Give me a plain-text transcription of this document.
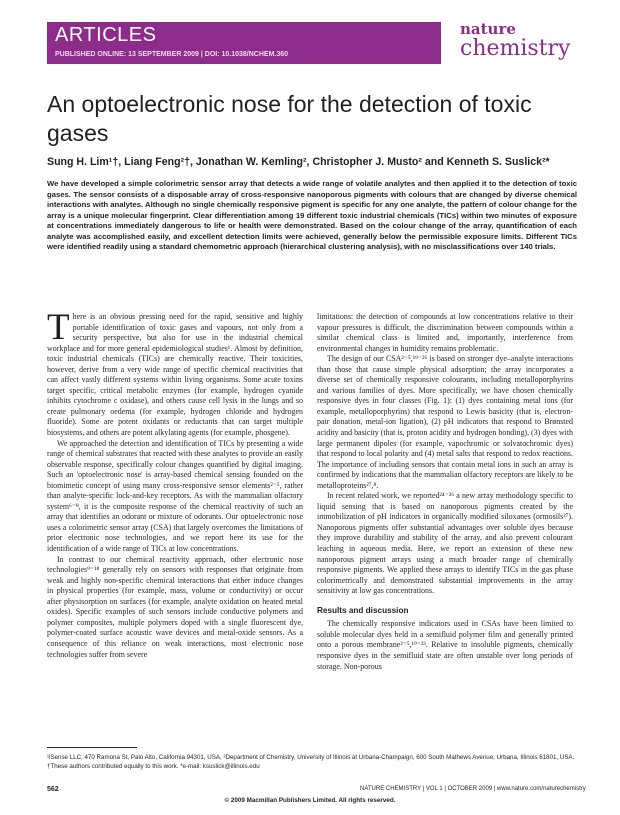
ARTICLES
PUBLISHED ONLINE: 13 SEPTEMBER 2009 | DOI: 10.1038/NCHEM.360
nature
chemistry
An optoelectronic nose for the detection of toxic gases
Sung H. Lim¹†, Liang Feng²†, Jonathan W. Kemling², Christopher J. Musto² and Kenneth S. Suslick²*

We have developed a simple colorimetric sensor array that detects a wide range of volatile analytes and then applied it to the detection of toxic gases. The sensor consists of a disposable array of cross-responsive nanoporous pigments with colours that are changed by diverse chemical interactions with analytes. Although no single chemically responsive pigment is specific for any one analyte, the pattern of colour change for the array is a unique molecular fingerprint. Clear differentiation among 19 different toxic industrial chemicals (TICs) within two minutes of exposure at concentrations immediately dangerous to life or health were demonstrated. Based on the colour change of the array, quantification of each analyte was accomplished easily, and excellent detection limits were achieved, generally below the permissible exposure limits. Different TICs were identified readily using a standard chemometric approach (hierarchical clustering analysis), with no misclassifications over 140 trials.

There is an obvious pressing need for the rapid, sensitive and highly portable identification of toxic gases and vapours, not only from a security perspective, but also for use in the industrial chemical workplace and for more general epidemiological studies¹. Almost by definition, toxic industrial chemicals (TICs) are chemically reactive. Their toxicities, however, derive from a very wide range of specific chemical reactivities that can affect vastly different systems within living organisms. Some acute toxins target specific, critical metabolic enzymes (for example, hydrogen cyanide inhibits cytochrome c oxidase), and others cause cell lysis in the lungs and so create pulmonary oedema (for example, hydrogen chloride and hydrogen fluoride). Some are potent oxidants or reductants that can target multiple biosystems, and others are potent alkylating agents (for example, phosgene).

We approached the detection and identification of TICs by presenting a wide range of chemical substrates that reacted with these analytes to provide an easily observable response, specifically colour changes quantified by digital imaging. Such an 'optoelectronic nose' is array-based chemical sensing founded on the biomimetic concept of using many cross-responsive sensor elements²⁻⁵, rather than analyte-specific lock-and-key receptors. As with the mammalian olfactory system⁶⁻⁸, it is the composite response of the chemical reactivity of such an array that identifies an odorant or mixture of odorants. Our optoelectronic nose uses a colorimetric sensor array (CSA) that largely overcomes the limitations of prior electronic nose technologies, and we report here its use for the identification of a wide range of TICs at low concentrations.

In contrast to our chemical reactivity approach, other electronic nose technologies⁹⁻¹⁸ generally rely on sensors with responses that originate from weak and highly non-specific chemical interactions that either induce changes in physical properties (for example, mass, volume or conductivity) or occur after physisorption on surfaces (for example, analyte oxidation on heated metal oxides). Specific examples of such sensors include conductive polymers and polymer composites, multiple polymers doped with a single fluorescent dye, polymer-coated surface acoustic wave devices and metal-oxide sensors. As a consequence of this reliance on weak interactions, most electronic nose technologies suffer from severe

limitations: the detection of compounds at low concentrations relative to their vapour pressures is difficult, the discrimination between compounds within a similar chemical class is limited and, importantly, interference from environmental changes in humidity remains problematic.

The design of our CSA²⁻⁵,¹⁹⁻²⁶ is based on stronger dye–analyte interactions than those that cause simple physical adsorption; the array incorporates a diverse set of chemically responsive colourants, including metalloporphyrins and various families of dyes. More specifically, we have chosen chemically responsive dyes in four classes (Fig. 1): (1) dyes containing metal ions (for example, metalloporphyrins) that respond to Lewis basicity (that is, electron-pair donation, metal-ion ligation), (2) pH indicators that respond to Brønsted acidity and basicity (that is, proton acidity and hydrogen bonding), (3) dyes with large permanent dipoles (for example, vapochromic or solvatochromic dyes) that respond to local polarity and (4) metal salts that respond to redox reactions. The importance of including sensors that contain metal ions in such an array is confirmed by indications that the mammalian olfactory receptors are likely to be metalloproteins²⁷,⁸.

In recent related work, we reported²⁴⁻²⁶ a new array methodology specific to liquid sensing that is based on nanoporous pigments created by the immobilization of pH indicators in organically modified siloxanes (ormosils²⁷). Nanoporous pigments offer substantial advantages over soluble dyes because they improve durability and stability of the array, and also prevent colourant leaching in aqueous media. Here, we report an extension of these new nanoporous pigment arrays using a much broader range of chemically responsive pigments. We applied these arrays to identify TICs in the gas phase colorimetrically and demonstrated substantial improvements in the array sensitivity at low gas concentrations.

Results and discussion

The chemically responsive indicators used in CSAs have been limited to soluble molecular dyes held in a semifluid polymer film and generally printed onto a porous membrane²⁻⁵,¹⁹⁻²³. Relative to insoluble pigments, chemically responsive dyes in the semifluid state are often unstable over long periods of storage. Non-porous

¹iSense LLC, 470 Ramona St, Palo Alto, California 94301, USA, ²Department of Chemistry, University of Illinois at Urbana-Champaign, 600 South Mathews Avenue, Urbana, Illinois 61801, USA. †These authors contributed equally to this work. *e-mail: ksuslick@illinois.edu

562	NATURE CHEMISTRY | VOL 1 | OCTOBER 2009 | www.nature.com/naturechemistry
© 2009 Macmillan Publishers Limited. All rights reserved.
